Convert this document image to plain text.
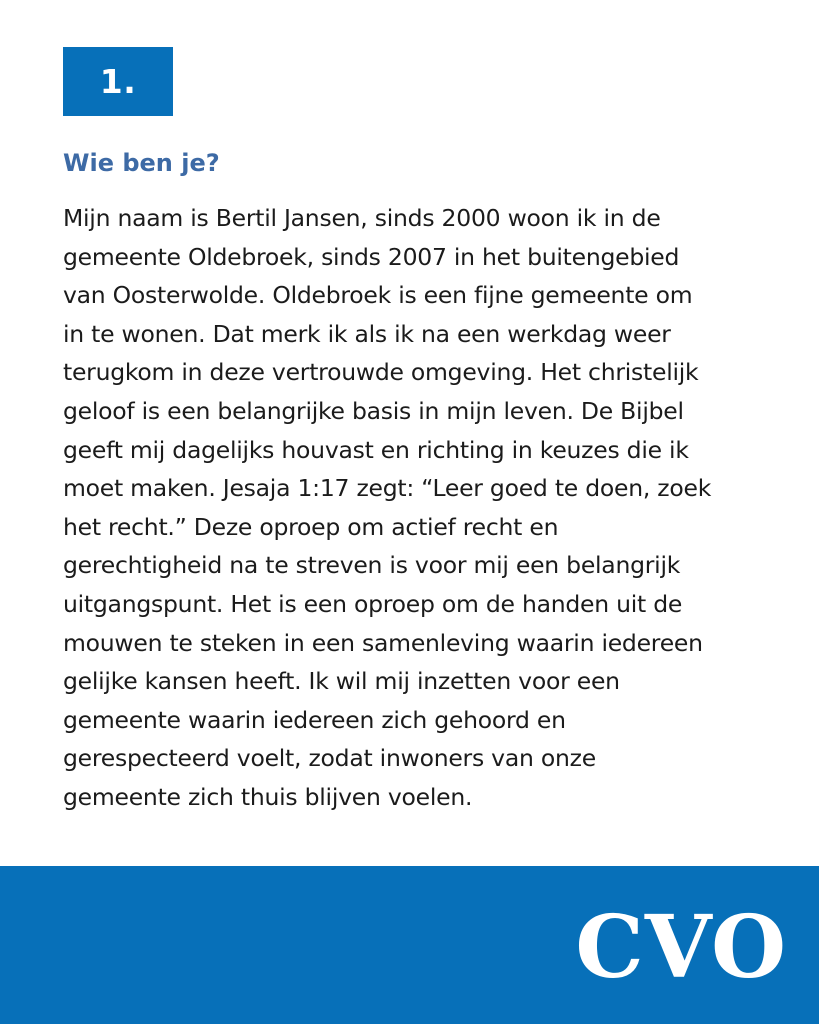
1.
Wie ben je?

Mijn naam is Bertil Jansen, sinds 2000 woon ik in de
gemeente Oldebroek, sinds 2007 in het buitengebied
van Oosterwolde. Oldebroek is een fijne gemeente om
in te wonen. Dat merk ik als ik na een werkdag weer
terugkom in deze vertrouwde omgeving. Het christelijk
geloof is een belangrijke basis in mijn leven. De Bijbel
geeft mij dagelijks houvast en richting in keuzes die ik
moet maken. Jesaja 1:17 zegt: “Leer goed te doen, zoek
het recht.” Deze oproep om actief recht en
gerechtigheid na te streven is voor mij een belangrijk
uitgangspunt. Het is een oproep om de handen uit de
mouwen te steken in een samenleving waarin iedereen
gelijke kansen heeft. Ik wil mij inzetten voor een
gemeente waarin iedereen zich gehoord en
gerespecteerd voelt, zodat inwoners van onze
gemeente zich thuis blijven voelen.

CVO
